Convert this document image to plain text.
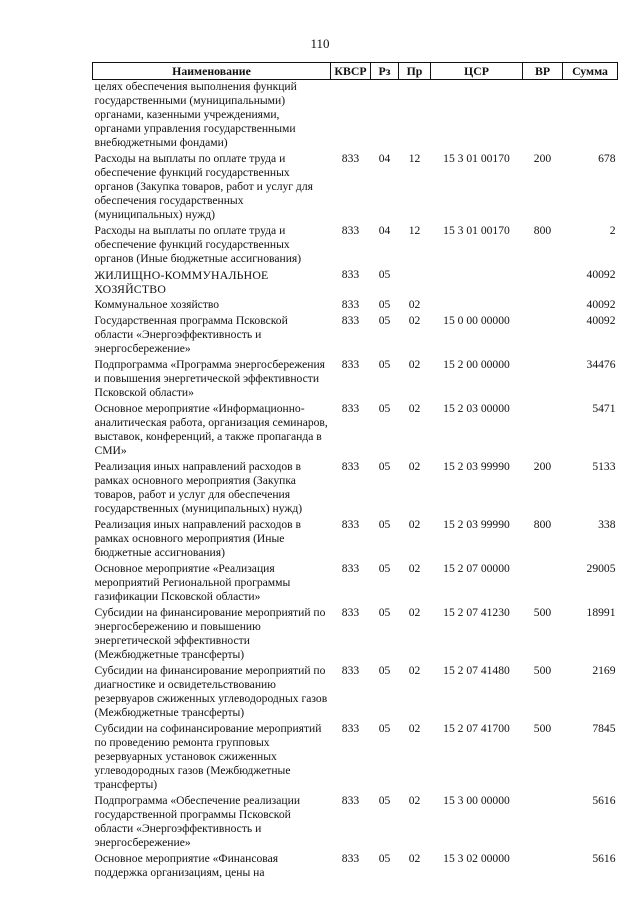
110
Наименование	КВСР	Рз	Пр	ЦСР	ВР	Сумма
целях обеспечения выполнения функций государственными (муниципальными) органами, казенными учреждениями, органами управления государственными внебюджетными фондами)						
Расходы на выплаты по оплате труда и обеспечение функций государственных органов (Закупка товаров, работ и услуг для обеспечения государственных (муниципальных) нужд)	833	04	12	15 3 01 00170	200	678
Расходы на выплаты по оплате труда и обеспечение функций государственных органов (Иные бюджетные ассигнования)	833	04	12	15 3 01 00170	800	2
ЖИЛИЩНО-КОММУНАЛЬНОЕ ХОЗЯЙСТВО	833	05				40092
Коммунальное хозяйство	833	05	02			40092
Государственная программа Псковской области «Энергоэффективность и энергосбережение»	833	05	02	15 0 00 00000		40092
Подпрограмма «Программа энергосбережения и повышения энергетической эффективности Псковской области»	833	05	02	15 2 00 00000		34476
Основное мероприятие «Информационно-аналитическая работа, организация семинаров, выставок, конференций, а также пропаганда в СМИ»	833	05	02	15 2 03 00000		5471
Реализация иных направлений расходов в рамках основного мероприятия (Закупка товаров, работ и услуг для обеспечения государственных (муниципальных) нужд)	833	05	02	15 2 03 99990	200	5133
Реализация иных направлений расходов в рамках основного мероприятия (Иные бюджетные ассигнования)	833	05	02	15 2 03 99990	800	338
Основное мероприятие «Реализация мероприятий Региональной программы газификации Псковской области»	833	05	02	15 2 07 00000		29005
Субсидии на финансирование мероприятий по энергосбережению и повышению энергетической эффективности (Межбюджетные трансферты)	833	05	02	15 2 07 41230	500	18991
Субсидии на финансирование мероприятий по диагностике и освидетельствованию резервуаров сжиженных углеводородных газов (Межбюджетные трансферты)	833	05	02	15 2 07 41480	500	2169
Субсидии на софинансирование мероприятий по проведению ремонта групповых резервуарных установок сжиженных углеводородных газов (Межбюджетные трансферты)	833	05	02	15 2 07 41700	500	7845
Подпрограмма «Обеспечение реализации государственной программы Псковской области «Энергоэффективность и энергосбережение»	833	05	02	15 3 00 00000		5616
Основное мероприятие «Финансовая поддержка организациям, цены на	833	05	02	15 3 02 00000		5616
